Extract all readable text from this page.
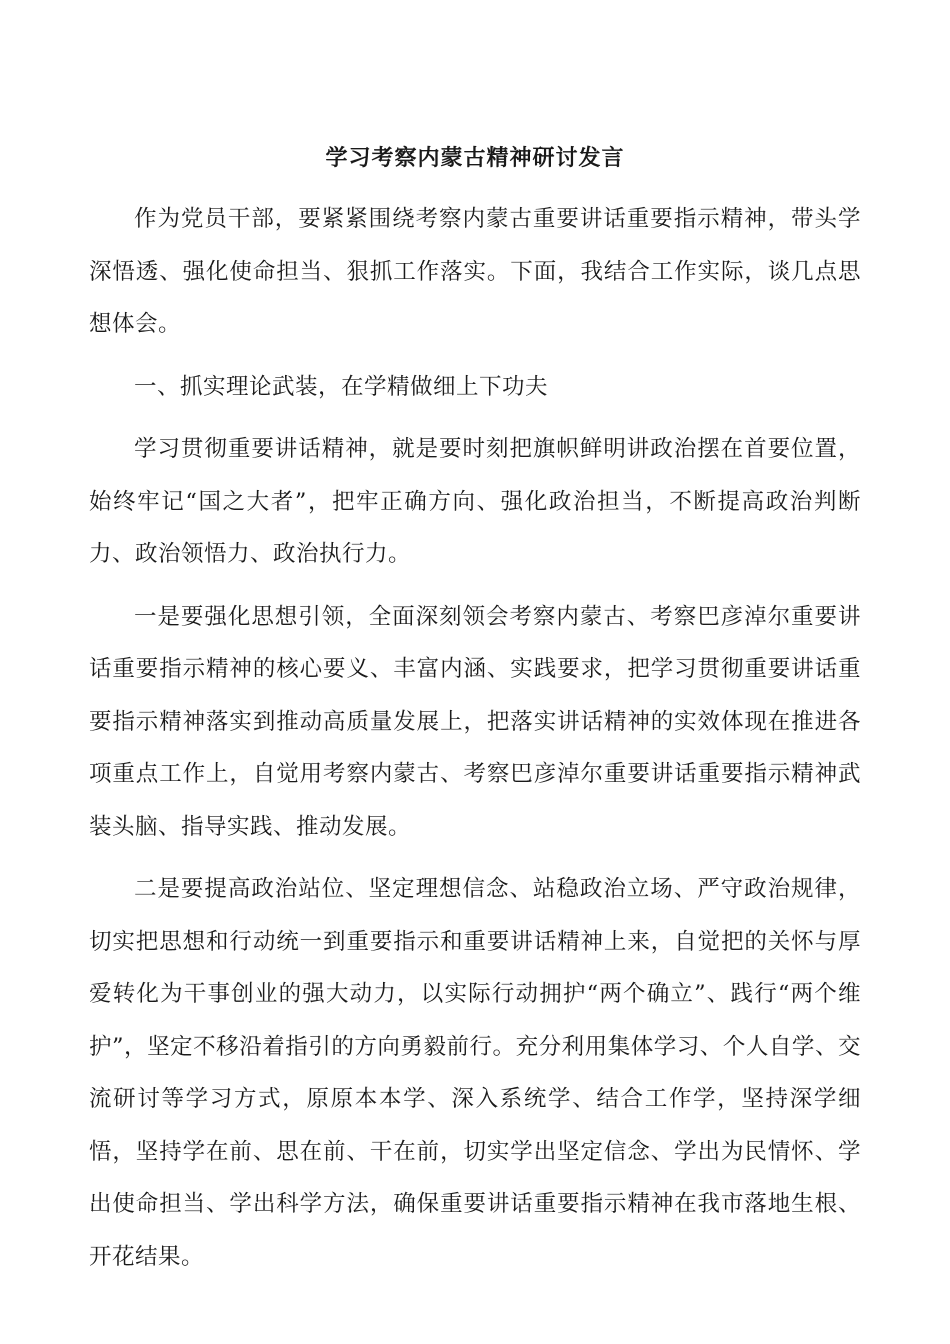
学习考察内蒙古精神研讨发言

作为党员干部，要紧紧围绕考察内蒙古重要讲话重要指示精神，带头学深悟透、强化使命担当、狠抓工作落实。下面，我结合工作实际，谈几点思想体会。

一、抓实理论武装，在学精做细上下功夫

学习贯彻重要讲话精神，就是要时刻把旗帜鲜明讲政治摆在首要位置，始终牢记“国之大者”，把牢正确方向、强化政治担当，不断提高政治判断力、政治领悟力、政治执行力。

一是要强化思想引领，全面深刻领会考察内蒙古、考察巴彦淖尔重要讲话重要指示精神的核心要义、丰富内涵、实践要求，把学习贯彻重要讲话重要指示精神落实到推动高质量发展上，把落实讲话精神的实效体现在推进各项重点工作上，自觉用考察内蒙古、考察巴彦淖尔重要讲话重要指示精神武装头脑、指导实践、推动发展。

二是要提高政治站位、坚定理想信念、站稳政治立场、严守政治规律，切实把思想和行动统一到重要指示和重要讲话精神上来，自觉把的关怀与厚爱转化为干事创业的强大动力，以实际行动拥护“两个确立”、践行“两个维护”，坚定不移沿着指引的方向勇毅前行。充分利用集体学习、个人自学、交流研讨等学习方式，原原本本学、深入系统学、结合工作学，坚持深学细悟，坚持学在前、思在前、干在前，切实学出坚定信念、学出为民情怀、学出使命担当、学出科学方法，确保重要讲话重要指示精神在我市落地生根、开花结果。
